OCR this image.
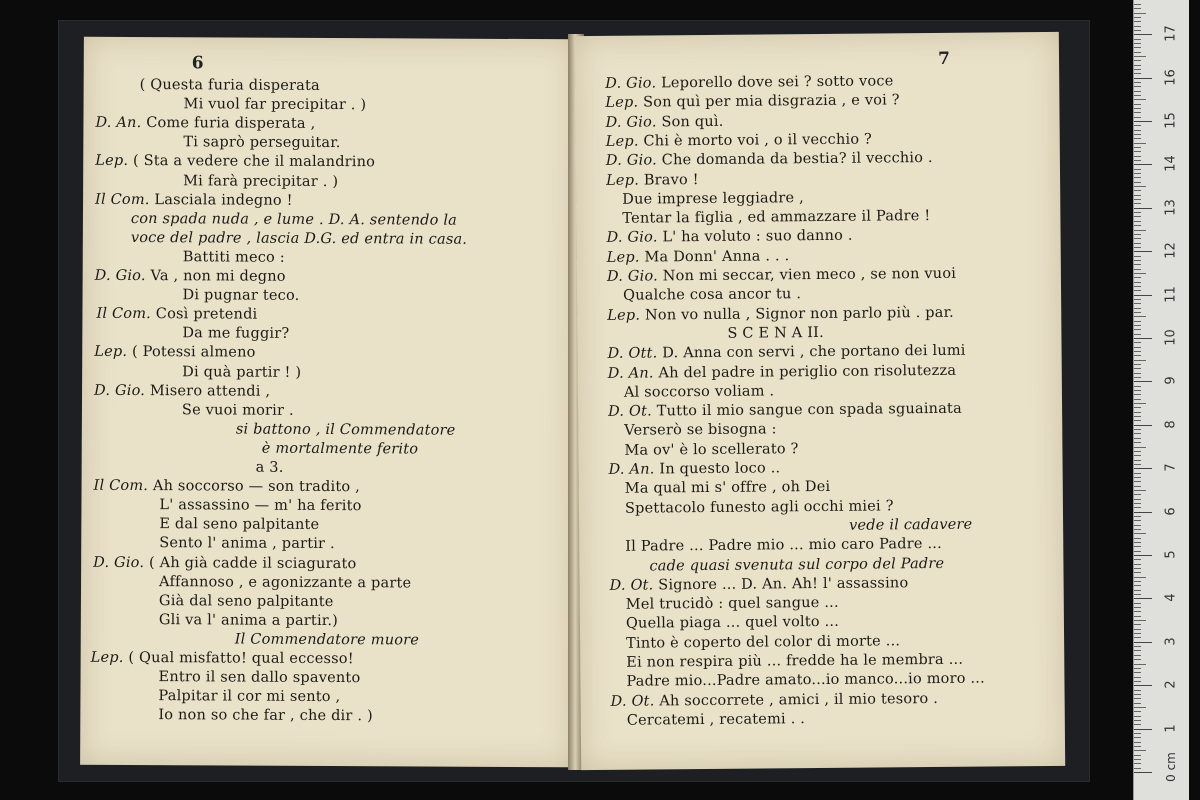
6
( Questa furia disperata
Mi vuol far precipitar . )
D. An. Come furia disperata ,
Ti saprò perseguitar.
Lep. ( Sta a vedere che il malandrino
Mi farà precipitar . )
Il Com. Lasciala indegno !
con spada nuda , e lume . D. A. sentendo la
voce del padre , lascia D.G. ed entra in casa.
Battiti meco :
D. Gio. Va , non mi degno
Di pugnar teco.
Il Com. Così pretendi
Da me fuggir?
Lep. ( Potessi almeno
Di quà partir ! )
D. Gio. Misero attendi ,
Se vuoi morir .
si battono , il Commendatore
è mortalmente ferito
a 3.
Il Com. Ah soccorso — son tradito ,
L' assassino — m' ha ferito
E dal seno palpitante
Sento l' anima , partir .
D. Gio. ( Ah già cadde il sciagurato
Affannoso , e agonizzante a parte
Già dal seno palpitante
Gli va l' anima a partir.)
Il Commendatore muore
Lep. ( Qual misfatto! qual eccesso!
Entro il sen dallo spavento
Palpitar il cor mi sento ,
Io non so che far , che dir . )
7
D. Gio. Leporello dove sei ? sotto voce
Lep. Son quì per mia disgrazia , e voi ?
D. Gio. Son quì.
Lep. Chi è morto voi , o il vecchio ?
D. Gio. Che domanda da bestia? il vecchio .
Lep. Bravo !
Due imprese leggiadre ,
Tentar la figlia , ed ammazzare il Padre !
D. Gio. L' ha voluto : suo danno .
Lep. Ma Donn' Anna . . .
D. Gio. Non mi seccar, vien meco , se non vuoi
Qualche cosa ancor tu .
Lep. Non vo nulla , Signor non parlo più . par.
S C E N A II.
D. Ott. D. Anna con servi , che portano dei lumi
D. An. Ah del padre in periglio con risolutezza
Al soccorso voliam .
D. Ot. Tutto il mio sangue con spada sguainata
Verserò se bisogna :
Ma ov' è lo scellerato ?
D. An. In questo loco ..
Ma qual mi s' offre , oh Dei
Spettacolo funesto agli occhi miei ?
vede il cadavere
Il Padre ... Padre mio ... mio caro Padre ...
cade quasi svenuta sul corpo del Padre
D. Ot. Signore ... D. An. Ah! l' assassino
Mel trucidò : quel sangue ...
Quella piaga ... quel volto ...
Tinto è coperto del color di morte ...
Ei non respira più ... fredde ha le membra ...
Padre mio...Padre amato...io manco...io moro ...
D. Ot. Ah soccorrete , amici , il mio tesoro .
Cercatemi , recatemi . .
0 cm
1
2
3
4
5
6
7
8
9
10
11
12
13
14
15
16
17
